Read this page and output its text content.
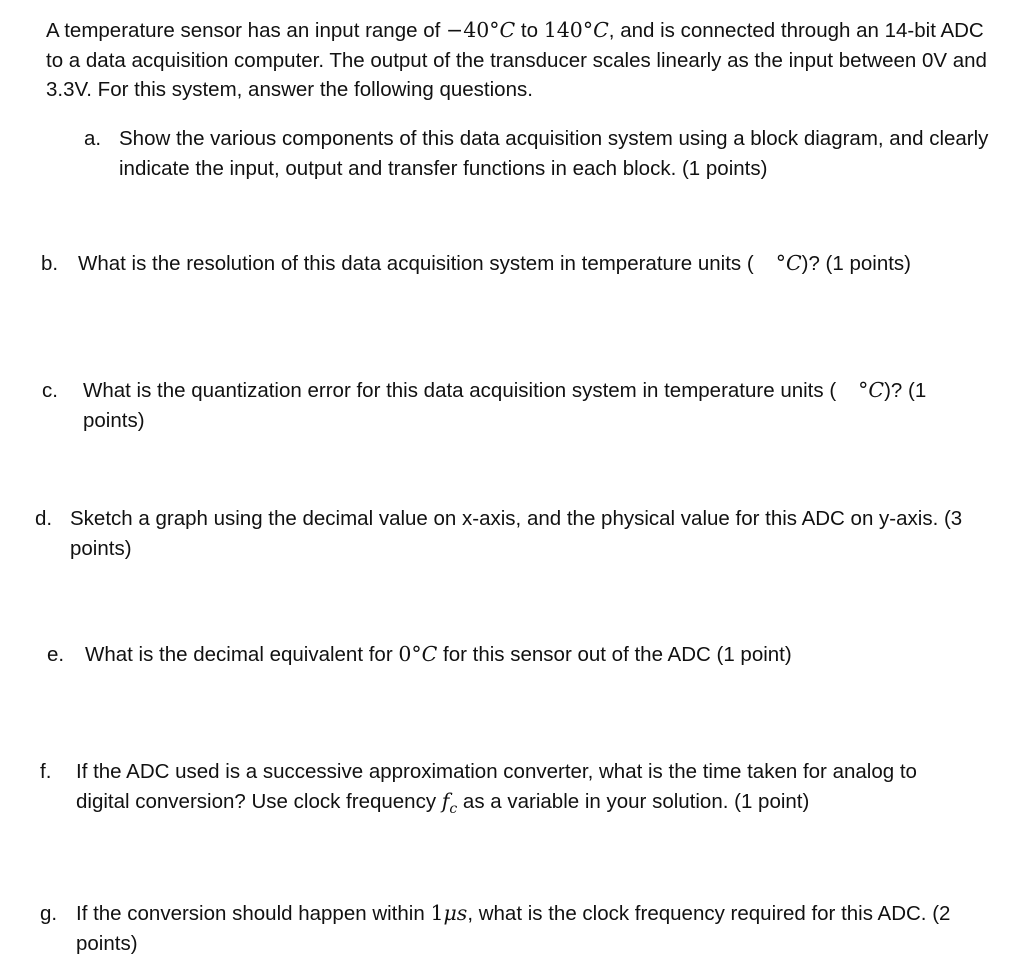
A temperature sensor has an input range of −40°C to 140°C, and is connected through an 14-bit ADC to a data acquisition computer. The output of the transducer scales linearly as the input between 0V and 3.3V. For this system, answer the following questions.
a. Show the various components of this data acquisition system using a block diagram, and clearly indicate the input, output and transfer functions in each block. (1 points)
b. What is the resolution of this data acquisition system in temperature units ( °C)? (1 points)
c.	What is the quantization error for this data acquisition system in temperature units ( °C)? (1 points)
d. Sketch a graph using the decimal value on x-axis, and the physical value for this ADC on y-axis. (3 points)
e.	What is the decimal equivalent for 0°C for this sensor out of the ADC (1 point)
f.	If the ADC used is a successive approximation converter, what is the time taken for analog to digital conversion? Use clock frequency $f_c$ as a variable in your solution. (1 point)
g. If the conversion should happen within 1μs, what is the clock frequency required for this ADC. (2 points)
